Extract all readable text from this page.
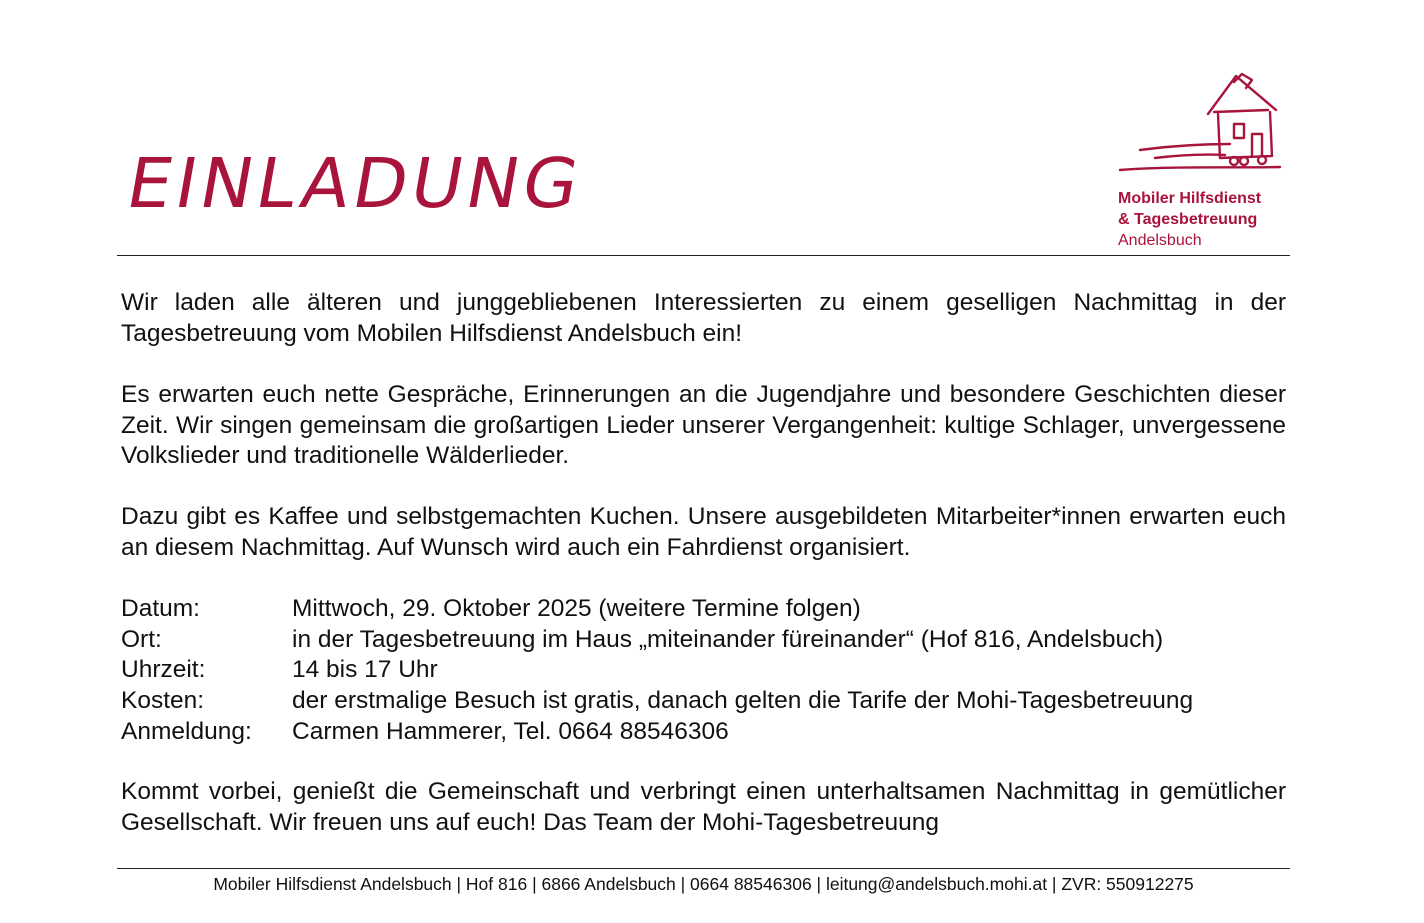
EINLADUNG	Mobiler Hilfsdienst
& Tagesbetreuung
Andelsbuch
Wir laden alle älteren und junggebliebenen Interessierten zu einem geselligen Nachmittag in der Tagesbetreuung vom Mobilen Hilfsdienst Andelsbuch ein!
Es erwarten euch nette Gespräche, Erinnerungen an die Jugendjahre und besondere Geschichten dieser Zeit. Wir singen gemeinsam die großartigen Lieder unserer Vergangenheit: kultige Schlager, unvergessene Volkslieder und traditionelle Wälderlieder.
Dazu gibt es Kaffee und selbstgemachten Kuchen. Unsere ausgebildeten Mitarbeiter*innen erwarten euch an diesem Nachmittag. Auf Wunsch wird auch ein Fahrdienst organisiert.
Datum:	Mittwoch, 29. Oktober 2025 (weitere Termine folgen)
Ort:	in der Tagesbetreuung im Haus „miteinander füreinander“ (Hof 816, Andelsbuch)
Uhrzeit:	14 bis 17 Uhr
Kosten:	der erstmalige Besuch ist gratis, danach gelten die Tarife der Mohi-Tagesbetreuung
Anmeldung:	Carmen Hammerer, Tel. 0664 88546306
Kommt vorbei, genießt die Gemeinschaft und verbringt einen unterhaltsamen Nachmittag in gemütlicher Gesellschaft. Wir freuen uns auf euch! Das Team der Mohi-Tagesbetreuung
Mobiler Hilfsdienst Andelsbuch | Hof 816 | 6866 Andelsbuch | 0664 88546306 | leitung@andelsbuch.mohi.at | ZVR: 550912275
